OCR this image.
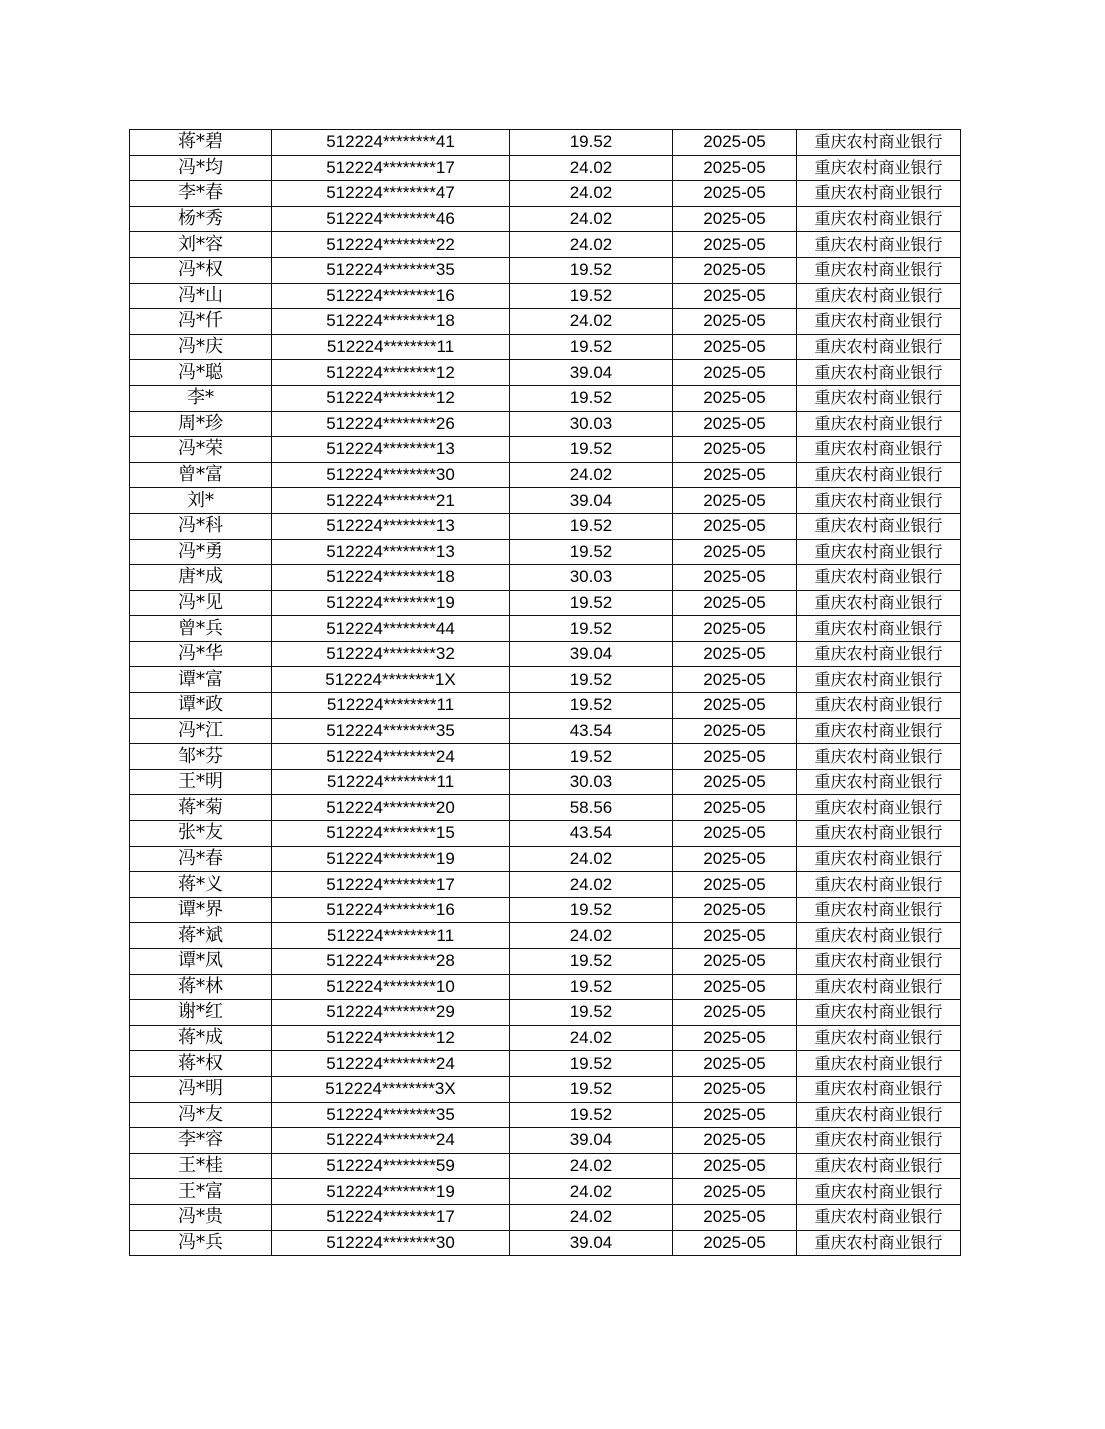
蒋*碧	512224********41	19.52	2025-05	重庆农村商业银行
冯*均	512224********17	24.02	2025-05	重庆农村商业银行
李*春	512224********47	24.02	2025-05	重庆农村商业银行
杨*秀	512224********46	24.02	2025-05	重庆农村商业银行
刘*容	512224********22	24.02	2025-05	重庆农村商业银行
冯*权	512224********35	19.52	2025-05	重庆农村商业银行
冯*山	512224********16	19.52	2025-05	重庆农村商业银行
冯*仟	512224********18	24.02	2025-05	重庆农村商业银行
冯*庆	512224********11	19.52	2025-05	重庆农村商业银行
冯*聪	512224********12	39.04	2025-05	重庆农村商业银行
李*	512224********12	19.52	2025-05	重庆农村商业银行
周*珍	512224********26	30.03	2025-05	重庆农村商业银行
冯*荣	512224********13	19.52	2025-05	重庆农村商业银行
曾*富	512224********30	24.02	2025-05	重庆农村商业银行
刘*	512224********21	39.04	2025-05	重庆农村商业银行
冯*科	512224********13	19.52	2025-05	重庆农村商业银行
冯*勇	512224********13	19.52	2025-05	重庆农村商业银行
唐*成	512224********18	30.03	2025-05	重庆农村商业银行
冯*见	512224********19	19.52	2025-05	重庆农村商业银行
曾*兵	512224********44	19.52	2025-05	重庆农村商业银行
冯*华	512224********32	39.04	2025-05	重庆农村商业银行
谭*富	512224********1X	19.52	2025-05	重庆农村商业银行
谭*政	512224********11	19.52	2025-05	重庆农村商业银行
冯*江	512224********35	43.54	2025-05	重庆农村商业银行
邹*芬	512224********24	19.52	2025-05	重庆农村商业银行
王*明	512224********11	30.03	2025-05	重庆农村商业银行
蒋*菊	512224********20	58.56	2025-05	重庆农村商业银行
张*友	512224********15	43.54	2025-05	重庆农村商业银行
冯*春	512224********19	24.02	2025-05	重庆农村商业银行
蒋*义	512224********17	24.02	2025-05	重庆农村商业银行
谭*界	512224********16	19.52	2025-05	重庆农村商业银行
蒋*斌	512224********11	24.02	2025-05	重庆农村商业银行
谭*凤	512224********28	19.52	2025-05	重庆农村商业银行
蒋*林	512224********10	19.52	2025-05	重庆农村商业银行
谢*红	512224********29	19.52	2025-05	重庆农村商业银行
蒋*成	512224********12	24.02	2025-05	重庆农村商业银行
蒋*权	512224********24	19.52	2025-05	重庆农村商业银行
冯*明	512224********3X	19.52	2025-05	重庆农村商业银行
冯*友	512224********35	19.52	2025-05	重庆农村商业银行
李*容	512224********24	39.04	2025-05	重庆农村商业银行
王*桂	512224********59	24.02	2025-05	重庆农村商业银行
王*富	512224********19	24.02	2025-05	重庆农村商业银行
冯*贵	512224********17	24.02	2025-05	重庆农村商业银行
冯*兵	512224********30	39.04	2025-05	重庆农村商业银行
